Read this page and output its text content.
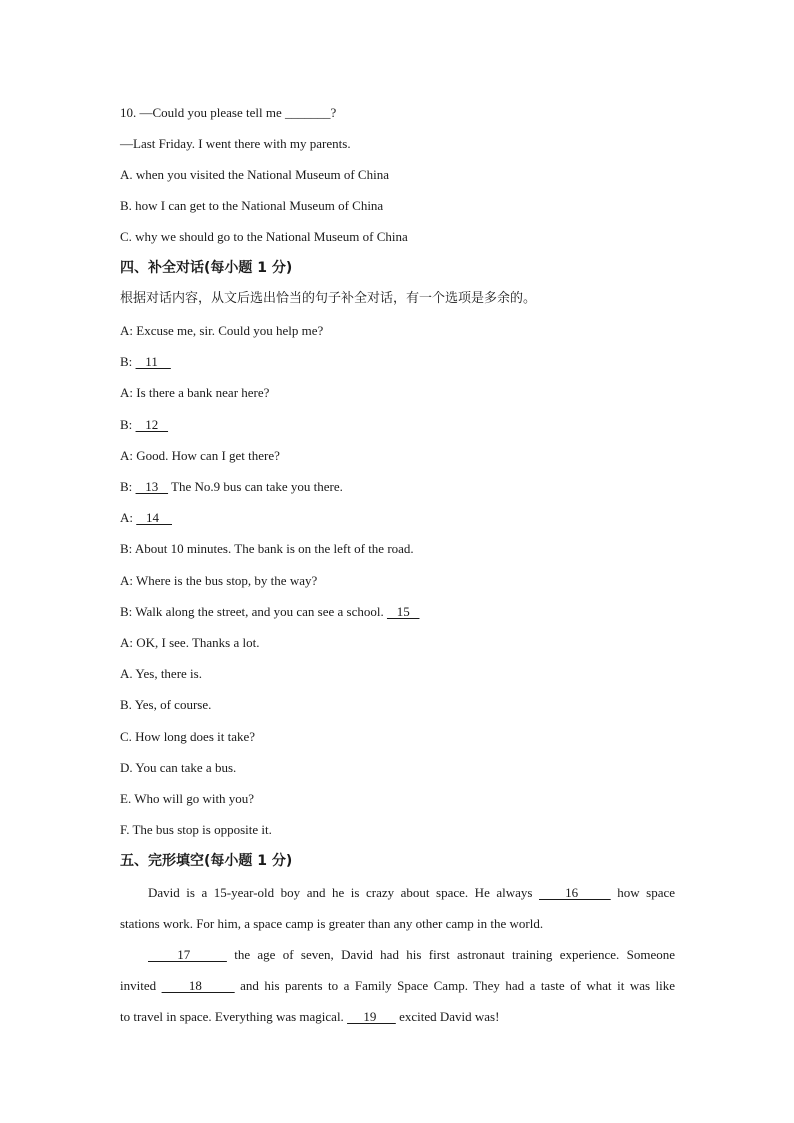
10. —Could you please tell me _______?
—Last Friday. I went there with my parents.
A. when you visited the National Museum of China
B. how I can get to the National Museum of China
C. why we should go to the National Museum of China
四、补全对话(每小题 1 分)
根据对话内容，从文后选出恰当的句子补全对话，有一个选项是多余的。
A: Excuse me, sir. Could you help me?
B:    11
A: Is there a bank near here?
B:    12
A: Good. How can I get there?
B:    13    The No.9 bus can take you there.
A:    14
B: About 10 minutes. The bank is on the left of the road.
A: Where is the bus stop, by the way?
B: Walk along the street, and you can see a school.    15
A: OK, I see. Thanks a lot.
A. Yes, there is.
B. Yes, of course.
C. How long does it take?
D. You can take a bus.
E. Who will go with you?
F. The bus stop is opposite it.
五、完形填空(每小题 1 分)
David is a 15-year-old boy and he is crazy about space. He always     16      how space
stations work. For him, a space camp is greater than any other camp in the world.
17      the age of seven, David had his first astronaut training experience. Someone
invited      18       and his parents to a Family Space Camp. They had a taste of what it was like
to travel in space. Everything was magical.      19       excited David was!
